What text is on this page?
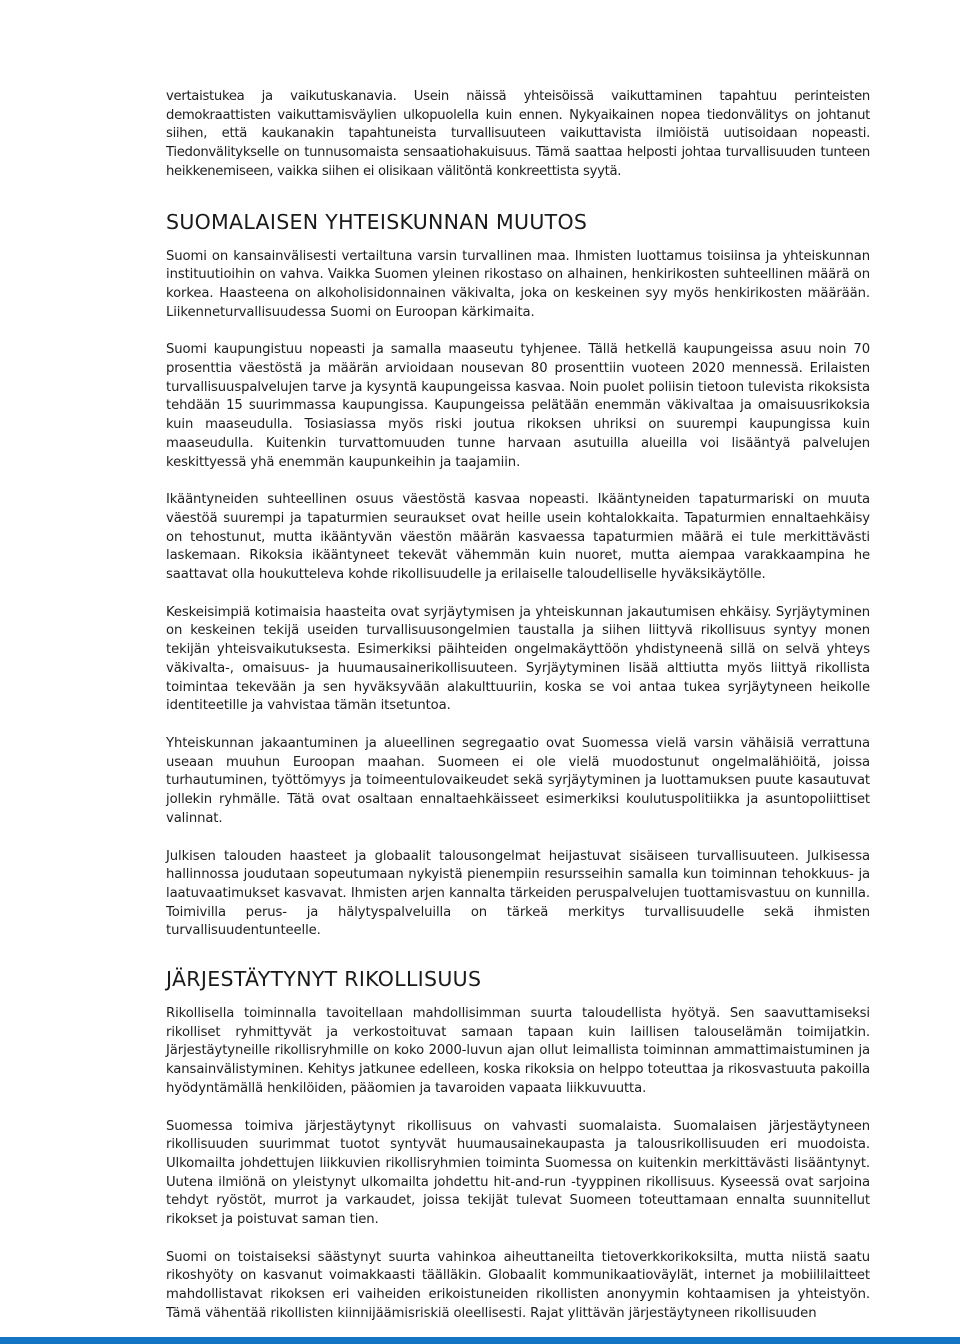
vertaistukea ja vaikutuskanavia. Usein näissä yhteisöissä vaikuttaminen tapahtuu perinteisten demokraattisten vaikuttamisväylien ulkopuolella kuin ennen. Nykyaikainen nopea tiedonvälitys on johtanut siihen, että kaukanakin tapahtuneista turvallisuuteen vaikuttavista ilmiöistä uutisoidaan nopeasti. Tiedonvälitykselle on tunnusomaista sensaatiohakuisuus. Tämä saattaa helposti johtaa turvallisuuden tunteen heikkenemiseen, vaikka siihen ei olisikaan välitöntä konkreettista syytä.

SUOMALAISEN YHTEISKUNNAN MUUTOS

Suomi on kansainvälisesti vertailtuna varsin turvallinen maa. Ihmisten luottamus toisiinsa ja yhteiskunnan instituutioihin on vahva. Vaikka Suomen yleinen rikostaso on alhainen, henkirikosten suhteellinen määrä on korkea. Haasteena on alkoholisidonnainen väkivalta, joka on keskeinen syy myös henkirikosten määrään. Liikenneturvallisuudessa Suomi on Euroopan kärkimaita.

Suomi kaupungistuu nopeasti ja samalla maaseutu tyhjenee. Tällä hetkellä kaupungeissa asuu noin 70 prosenttia väestöstä ja määrän arvioidaan nousevan 80 prosenttiin vuoteen 2020 mennessä. Erilaisten turvallisuuspalvelujen tarve ja kysyntä kaupungeissa kasvaa. Noin puolet poliisin tietoon tulevista rikoksista tehdään 15 suurimmassa kaupungissa. Kaupungeissa pelätään enemmän väkivaltaa ja omaisuusrikoksia kuin maaseudulla. Tosiasiassa myös riski joutua rikoksen uhriksi on suurempi kaupungissa kuin maaseudulla. Kuitenkin turvattomuuden tunne harvaan asutuilla alueilla voi lisääntyä palvelujen keskittyessä yhä enemmän kaupunkeihin ja taajamiin.

Ikääntyneiden suhteellinen osuus väestöstä kasvaa nopeasti. Ikääntyneiden tapaturmariski on muuta väestöä suurempi ja tapaturmien seuraukset ovat heille usein kohtalokkaita. Tapaturmien ennaltaehkäisy on tehostunut, mutta ikääntyvän väestön määrän kasvaessa tapaturmien määrä ei tule merkittävästi laskemaan. Rikoksia ikääntyneet tekevät vähemmän kuin nuoret, mutta aiempaa varakkaampina he saattavat olla houkutteleva kohde rikollisuudelle ja erilaiselle taloudelliselle hyväksikäytölle.

Keskeisimpiä kotimaisia haasteita ovat syrjäytymisen ja yhteiskunnan jakautumisen ehkäisy. Syrjäytyminen on keskeinen tekijä useiden turvallisuusongelmien taustalla ja siihen liittyvä rikollisuus syntyy monen tekijän yhteisvaikutuksesta. Esimerkiksi päihteiden ongelmakäyttöön yhdistyneenä sillä on selvä yhteys väkivalta-, omaisuus- ja huumausainerikollisuuteen. Syrjäytyminen lisää alttiutta myös liittyä rikollista toimintaa tekevään ja sen hyväksyvään alakulttuuriin, koska se voi antaa tukea syrjäytyneen heikolle identiteetille ja vahvistaa tämän itsetuntoa.

Yhteiskunnan jakaantuminen ja alueellinen segregaatio ovat Suomessa vielä varsin vähäisiä verrattuna useaan muuhun Euroopan maahan. Suomeen ei ole vielä muodostunut ongelmalähiöitä, joissa turhautuminen, työttömyys ja toimeentulovaikeudet sekä syrjäytyminen ja luottamuksen puute kasautuvat jollekin ryhmälle. Tätä ovat osaltaan ennaltaehkäisseet esimerkiksi koulutuspolitiikka ja asuntopoliittiset valinnat.

Julkisen talouden haasteet ja globaalit talousongelmat heijastuvat sisäiseen turvallisuuteen. Julkisessa hallinnossa joudutaan sopeutumaan nykyistä pienempiin resursseihin samalla kun toiminnan tehokkuus- ja laatuvaatimukset kasvavat. Ihmisten arjen kannalta tärkeiden peruspalvelujen tuottamisvastuu on kunnilla. Toimivilla perus- ja hälytyspalveluilla on tärkeä merkitys turvallisuudelle sekä ihmisten turvallisuudentunteelle.

JÄRJESTÄYTYNYT RIKOLLISUUS

Rikollisella toiminnalla tavoitellaan mahdollisimman suurta taloudellista hyötyä. Sen saavuttamiseksi rikolliset ryhmittyvät ja verkostoituvat samaan tapaan kuin laillisen talouselämän toimijatkin. Järjestäytyneille rikollisryhmille on koko 2000-luvun ajan ollut leimallista toiminnan ammattimaistuminen ja kansainvälistyminen. Kehitys jatkunee edelleen, koska rikoksia on helppo toteuttaa ja rikosvastuuta pakoilla hyödyntämällä henkilöiden, pääomien ja tavaroiden vapaata liikkuvuutta.

Suomessa toimiva järjestäytynyt rikollisuus on vahvasti suomalaista. Suomalaisen järjestäytyneen rikollisuuden suurimmat tuotot syntyvät huumausainekaupasta ja talousrikollisuuden eri muodoista. Ulkomailta johdettujen liikkuvien rikollisryhmien toiminta Suomessa on kuitenkin merkittävästi lisääntynyt. Uutena ilmiönä on yleistynyt ulkomailta johdettu hit-and-run -tyyppinen rikollisuus. Kyseessä ovat sarjoina tehdyt ryöstöt, murrot ja varkaudet, joissa tekijät tulevat Suomeen toteuttamaan ennalta suunnitellut rikokset ja poistuvat saman tien.

Suomi on toistaiseksi säästynyt suurta vahinkoa aiheuttaneilta tietoverkkorikoksilta, mutta niistä saatu rikoshyöty on kasvanut voimakkaasti täälläkin. Globaalit kommunikaatioväylät, internet ja mobiililaitteet mahdollistavat rikoksen eri vaiheiden erikoistuneiden rikollisten anonyymin kohtaamisen ja yhteistyön. Tämä vähentää rikollisten kiinnijäämisriskiä oleellisesti. Rajat ylittävän järjestäytyneen rikollisuuden
